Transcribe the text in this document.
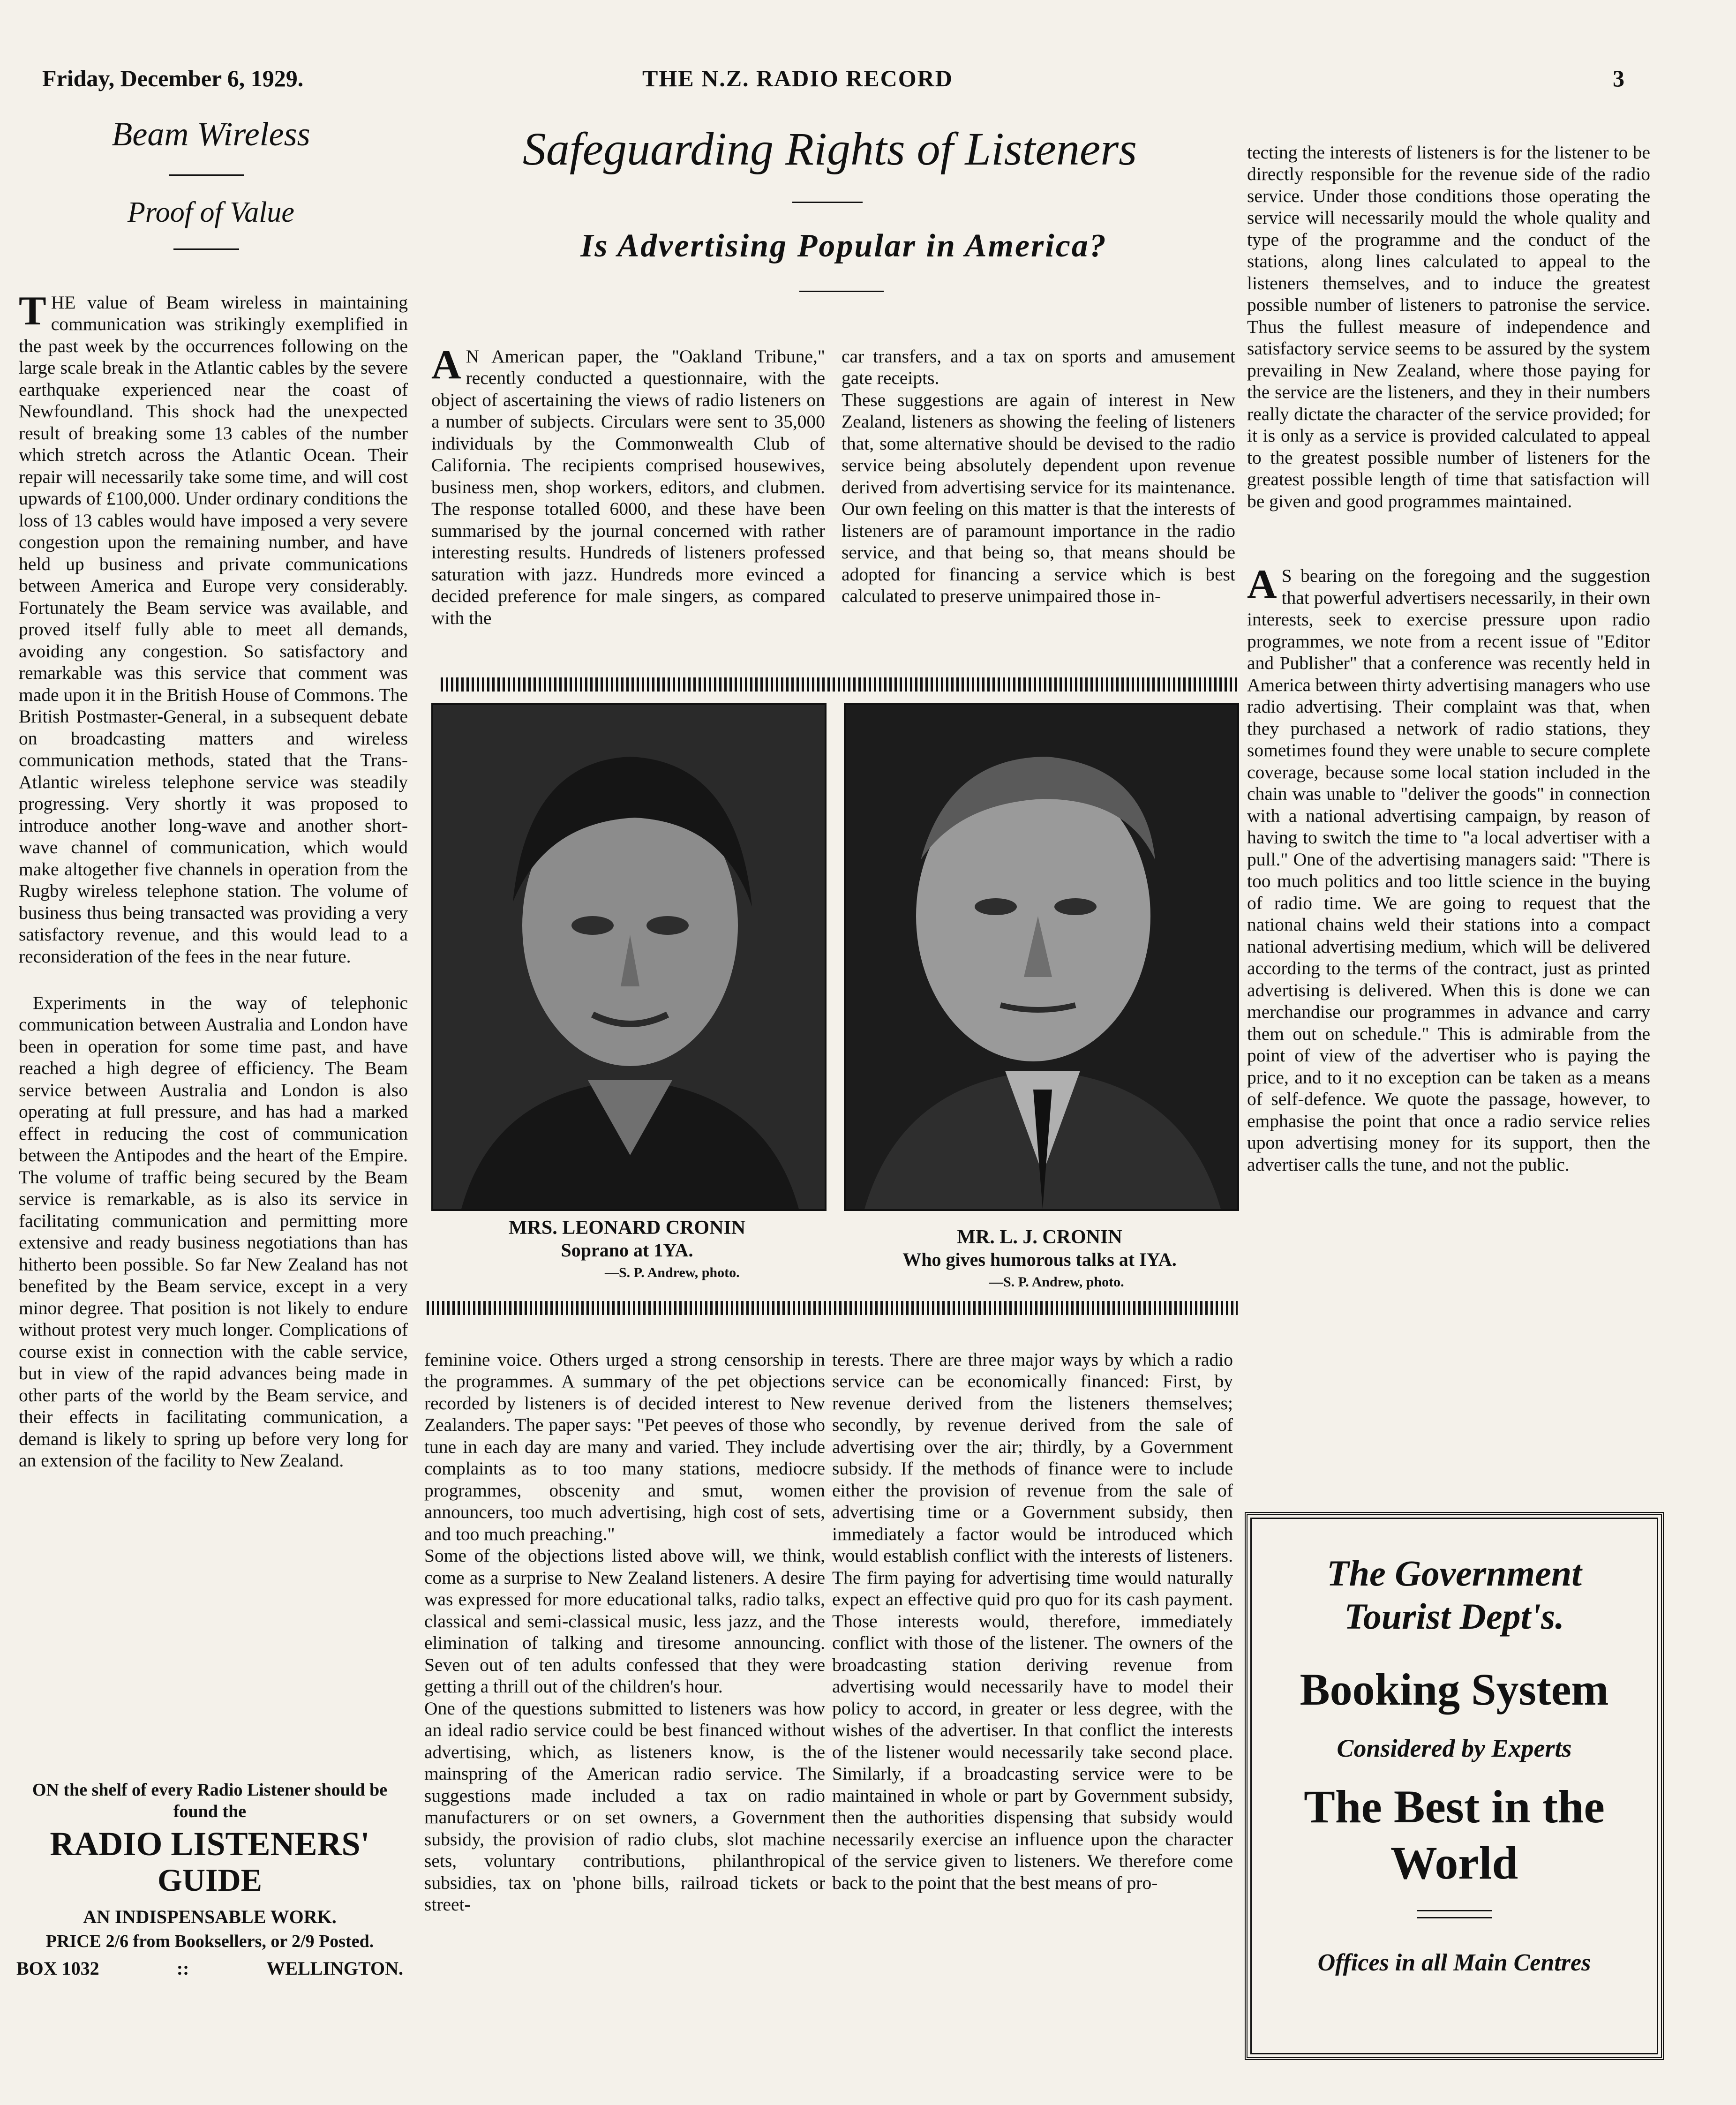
Friday, December 6, 1929.	THE N.Z. RADIO RECORD	3
Beam Wireless
Proof of Value

T HE value of Beam wireless in maintaining communication was strikingly exemplified in the past week by the occurrences following on the large scale break in the Atlantic cables by the severe earthquake experienced near the coast of Newfoundland. This shock had the unexpected result of breaking some 13 cables of the number which stretch across the Atlantic Ocean. Their repair will necessarily take some time, and will cost upwards of £100,000. Under ordinary conditions the loss of 13 cables would have imposed a very severe congestion upon the remaining number, and have held up business and private communications between America and Europe very considerably. Fortunately the Beam service was available, and proved itself fully able to meet all demands, avoiding any congestion. So satisfactory and remarkable was this service that comment was made upon it in the British House of Commons. The British Postmaster-General, in a subsequent debate on broadcasting matters and wireless communication methods, stated that the Trans-Atlantic wireless telephone service was steadily progressing. Very shortly it was proposed to introduce another long-wave and another short-wave channel of communication, which would make altogether five channels in operation from the Rugby wireless telephone station. The volume of business thus being transacted was providing a very satisfactory revenue, and this would lead to a reconsideration of the fees in the near future.

Experiments in the way of telephonic communication between Australia and London have been in operation for some time past, and have reached a high degree of efficiency. The Beam service between Australia and London is also operating at full pressure, and has had a marked effect in reducing the cost of communication between the Antipodes and the heart of the Empire. The volume of traffic being secured by the Beam service is remarkable, as is also its service in facilitating communication and permitting more extensive and ready business negotiations than has hitherto been possible. So far New Zealand has not benefited by the Beam service, except in a very minor degree. That position is not likely to endure without protest very much longer. Complications of course exist in connection with the cable service, but in view of the rapid advances being made in other parts of the world by the Beam service, and their effects in facilitating communication, a demand is likely to spring up before very long for an extension of the facility to New Zealand.

ON the shelf of every Radio Listener should be found the
RADIO LISTENERS'
GUIDE
AN INDISPENSABLE WORK.
PRICE 2/6 from Booksellers, or 2/9 Posted.
BOX 1032	::	WELLINGTON.
Safeguarding Rights of Listeners
Is Advertising Popular in America?

A N American paper, the "Oakland Tribune," recently conducted a questionnaire, with the object of ascertaining the views of radio listeners on a number of subjects. Circulars were sent to 35,000 individuals by the Commonwealth Club of California. The recipients comprised housewives, business men, shop workers, editors, and clubmen. The response totalled 6000, and these have been summarised by the journal concerned with rather interesting results. Hundreds of listeners professed saturation with jazz. Hundreds more evinced a decided preference for male singers, as compared with the

car transfers, and a tax on sports and amusement gate receipts.
These suggestions are again of interest in New Zealand, listeners as showing the feeling of listeners that, some alternative should be devised to the radio service being absolutely dependent upon revenue derived from advertising service for its maintenance. Our own feeling on this matter is that the interests of listeners are of paramount importance in the radio service, and that being so, that means should be adopted for financing a service which is best calculated to preserve unimpaired those in-

MRS. LEONARD CRONIN
Soprano at 1YA.
—S. P. Andrew, photo.
MR. L. J. CRONIN
Who gives humorous talks at IYA.
—S. P. Andrew, photo.

feminine voice. Others urged a strong censorship in the programmes. A summary of the pet objections recorded by listeners is of decided interest to New Zealanders. The paper says: "Pet peeves of those who tune in each day are many and varied. They include complaints as to too many stations, mediocre programmes, obscenity and smut, women announcers, too much advertising, high cost of sets, and too much preaching."
Some of the objections listed above will, we think, come as a surprise to New Zealand listeners. A desire was expressed for more educational talks, radio talks, classical and semi-classical music, less jazz, and the elimination of talking and tiresome announcing. Seven out of ten adults confessed that they were getting a thrill out of the children's hour.
One of the questions submitted to listeners was how an ideal radio service could be best financed without advertising, which, as listeners know, is the mainspring of the American radio service. The suggestions made included a tax on radio manufacturers or on set owners, a Government subsidy, the provision of radio clubs, slot machine sets, voluntary contributions, philanthropical subsidies, tax on 'phone bills, railroad tickets or street-

terests. There are three major ways by which a radio service can be economically financed: First, by revenue derived from the listeners themselves; secondly, by revenue derived from the sale of advertising over the air; thirdly, by a Government subsidy. If the methods of finance were to include either the provision of revenue from the sale of advertising time or a Government subsidy, then immediately a factor would be introduced which would establish conflict with the interests of listeners. The firm paying for advertising time would naturally expect an effective quid pro quo for its cash payment. Those interests would, therefore, immediately conflict with those of the listener. The owners of the broadcasting station deriving revenue from advertising would necessarily have to model their policy to accord, in greater or less degree, with the wishes of the advertiser. In that conflict the interests of the listener would necessarily take second place. Similarly, if a broadcasting service were to be maintained in whole or part by Government subsidy, then the authorities dispensing that subsidy would necessarily exercise an influence upon the character of the service given to listeners. We therefore come back to the point that the best means of pro-

tecting the interests of listeners is for the listener to be directly responsible for the revenue side of the radio service. Under those conditions those operating the service will necessarily mould the whole quality and type of the programme and the conduct of the stations, along lines calculated to appeal to the listeners themselves, and to induce the greatest possible number of listeners to patronise the service. Thus the fullest measure of independence and satisfactory service seems to be assured by the system prevailing in New Zealand, where those paying for the service are the listeners, and they in their numbers really dictate the character of the service provided; for it is only as a service is provided calculated to appeal to the greatest possible number of listeners for the greatest possible length of time that satisfaction will be given and good programmes maintained.

A S bearing on the foregoing and the suggestion that powerful advertisers necessarily, in their own interests, seek to exercise pressure upon radio programmes, we note from a recent issue of "Editor and Publisher" that a conference was recently held in America between thirty advertising managers who use radio advertising. Their complaint was that, when they purchased a network of radio stations, they sometimes found they were unable to secure complete coverage, because some local station included in the chain was unable to "deliver the goods" in connection with a national advertising campaign, by reason of having to switch the time to "a local advertiser with a pull." One of the advertising managers said: "There is too much politics and too little science in the buying of radio time. We are going to request that the national chains weld their stations into a compact national advertising medium, which will be delivered according to the terms of the contract, just as printed advertising is delivered. When this is done we can merchandise our programmes in advance and carry them out on schedule." This is admirable from the point of view of the advertiser who is paying the price, and to it no exception can be taken as a means of self-defence. We quote the passage, however, to emphasise the point that once a radio service relies upon advertising money for its support, then the advertiser calls the tune, and not the public.

The Government
Tourist Dept's.
Booking System
Considered by Experts
The Best in the
World
Offices in all Main Centres
